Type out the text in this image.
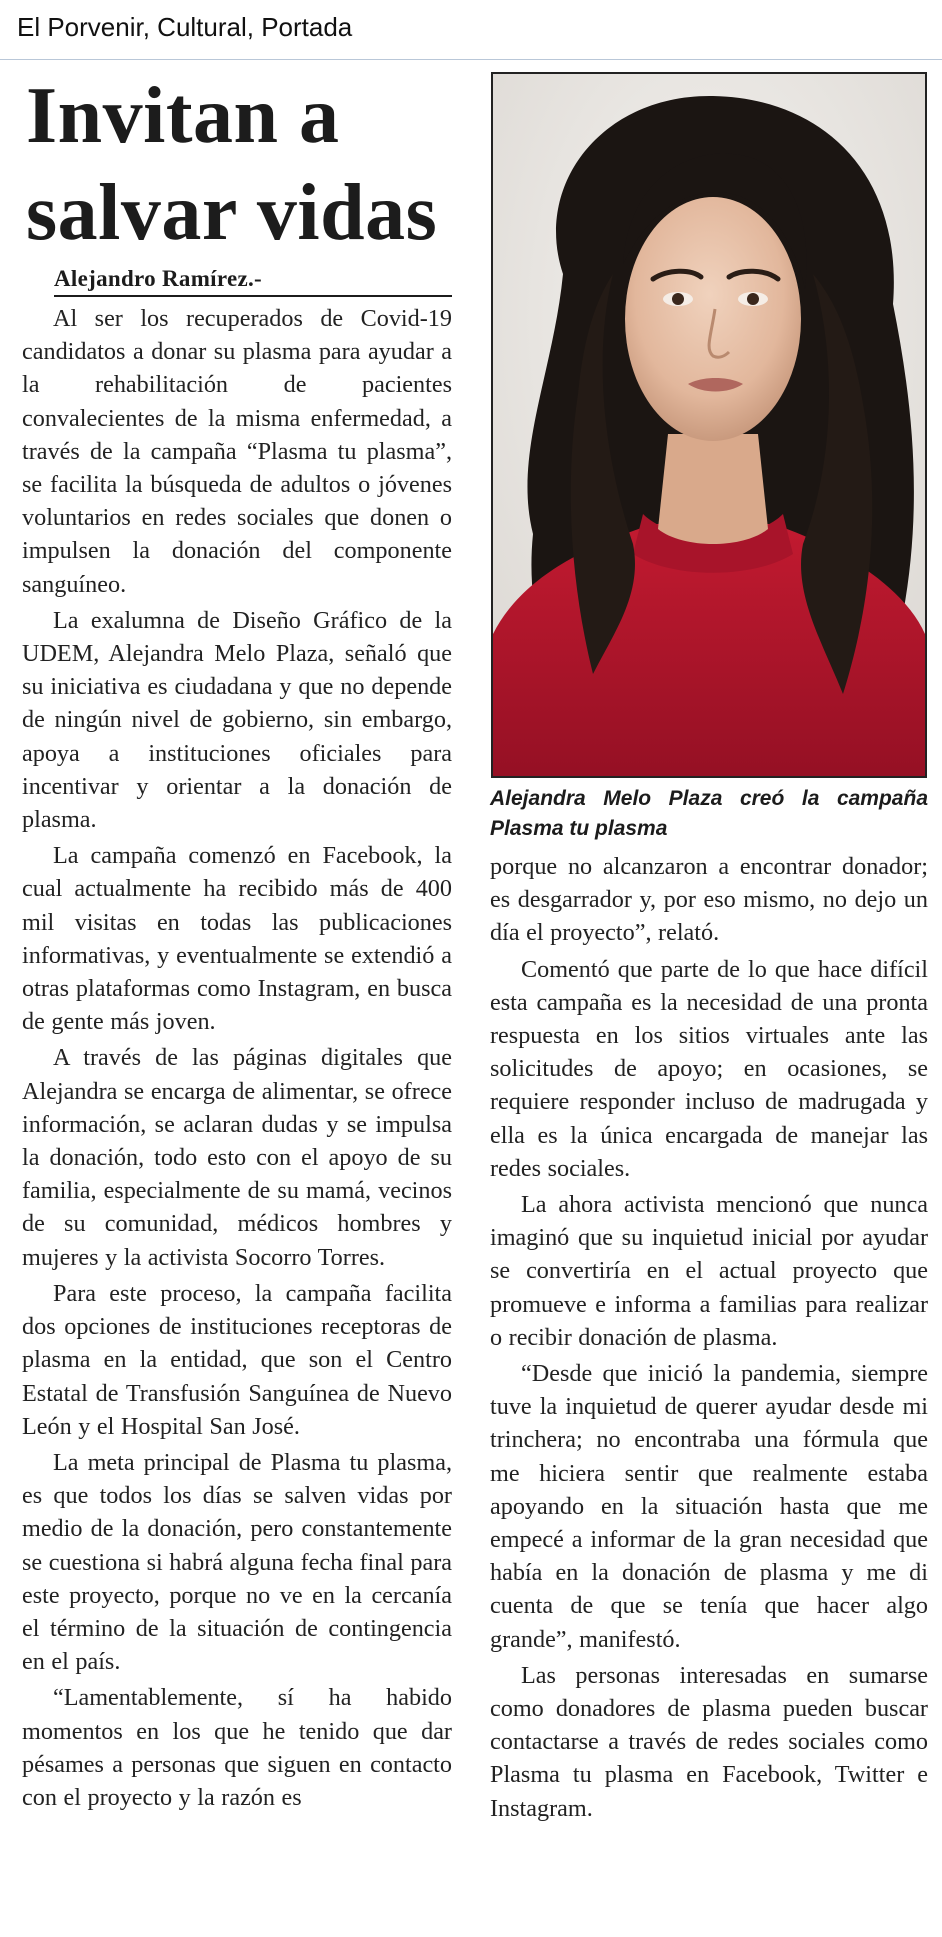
El Porvenir, Cultural, Portada
Invitan a
salvar vidas
Alejandro Ramírez.-

Al ser los recuperados de Covid-19 candidatos a donar su plasma para ayudar a la rehabilitación de pacientes convalecientes de la misma enfermedad, a través de la campaña “Plasma tu plasma”, se facilita la búsqueda de adultos o jóvenes voluntarios en redes sociales que donen o impulsen la donación del componente sanguíneo.

La exalumna de Diseño Gráfico de la UDEM, Alejandra Melo Plaza, señaló que su iniciativa es ciudadana y que no depende de ningún nivel de gobierno, sin embargo, apoya a instituciones oficiales para incentivar y orientar a la donación de plasma.

La campaña comenzó en Facebook, la cual actualmente ha recibido más de 400 mil visitas en todas las publicaciones informativas, y eventualmente se extendió a otras plataformas como Instagram, en busca de gente más joven.

A través de las páginas digitales que Alejandra se encarga de alimentar, se ofrece información, se aclaran dudas y se impulsa la donación, todo esto con el apoyo de su familia, especialmente de su mamá, vecinos de su comunidad, médicos hombres y mujeres y la activista Socorro Torres.

Para este proceso, la campaña facilita dos opciones de instituciones receptoras de plasma en la entidad, que son el Centro Estatal de Transfusión Sanguínea de Nuevo León y el Hospital San José.

La meta principal de Plasma tu plasma, es que todos los días se salven vidas por medio de la donación, pero constantemente se cuestiona si habrá alguna fecha final para este proyecto, porque no ve en la cercanía el término de la situación de contingencia en el país.

“Lamentablemente, sí ha habido momentos en los que he tenido que dar pésames a personas que siguen en contacto con el proyecto y la razón es

Alejandra Melo Plaza creó la campaña Plasma tu plasma

porque no alcanzaron a encontrar donador; es desgarrador y, por eso mismo, no dejo un día el proyecto”, relató.

Comentó que parte de lo que hace difícil esta campaña es la necesidad de una pronta respuesta en los sitios virtuales ante las solicitudes de apoyo; en ocasiones, se requiere responder incluso de madrugada y ella es la única encargada de manejar las redes sociales.

La ahora activista mencionó que nunca imaginó que su inquietud inicial por ayudar se convertiría en el actual proyecto que promueve e informa a familias para realizar o recibir donación de plasma.

“Desde que inició la pandemia, siempre tuve la inquietud de querer ayudar desde mi trinchera; no encontraba una fórmula que me hiciera sentir que realmente estaba apoyando en la situación hasta que me empecé a informar de la gran necesidad que había en la donación de plasma y me di cuenta de que se tenía que hacer algo grande”, manifestó.

Las personas interesadas en sumarse como donadores de plasma pueden buscar contactarse a través de redes sociales como Plasma tu plasma en Facebook, Twitter e Instagram.
